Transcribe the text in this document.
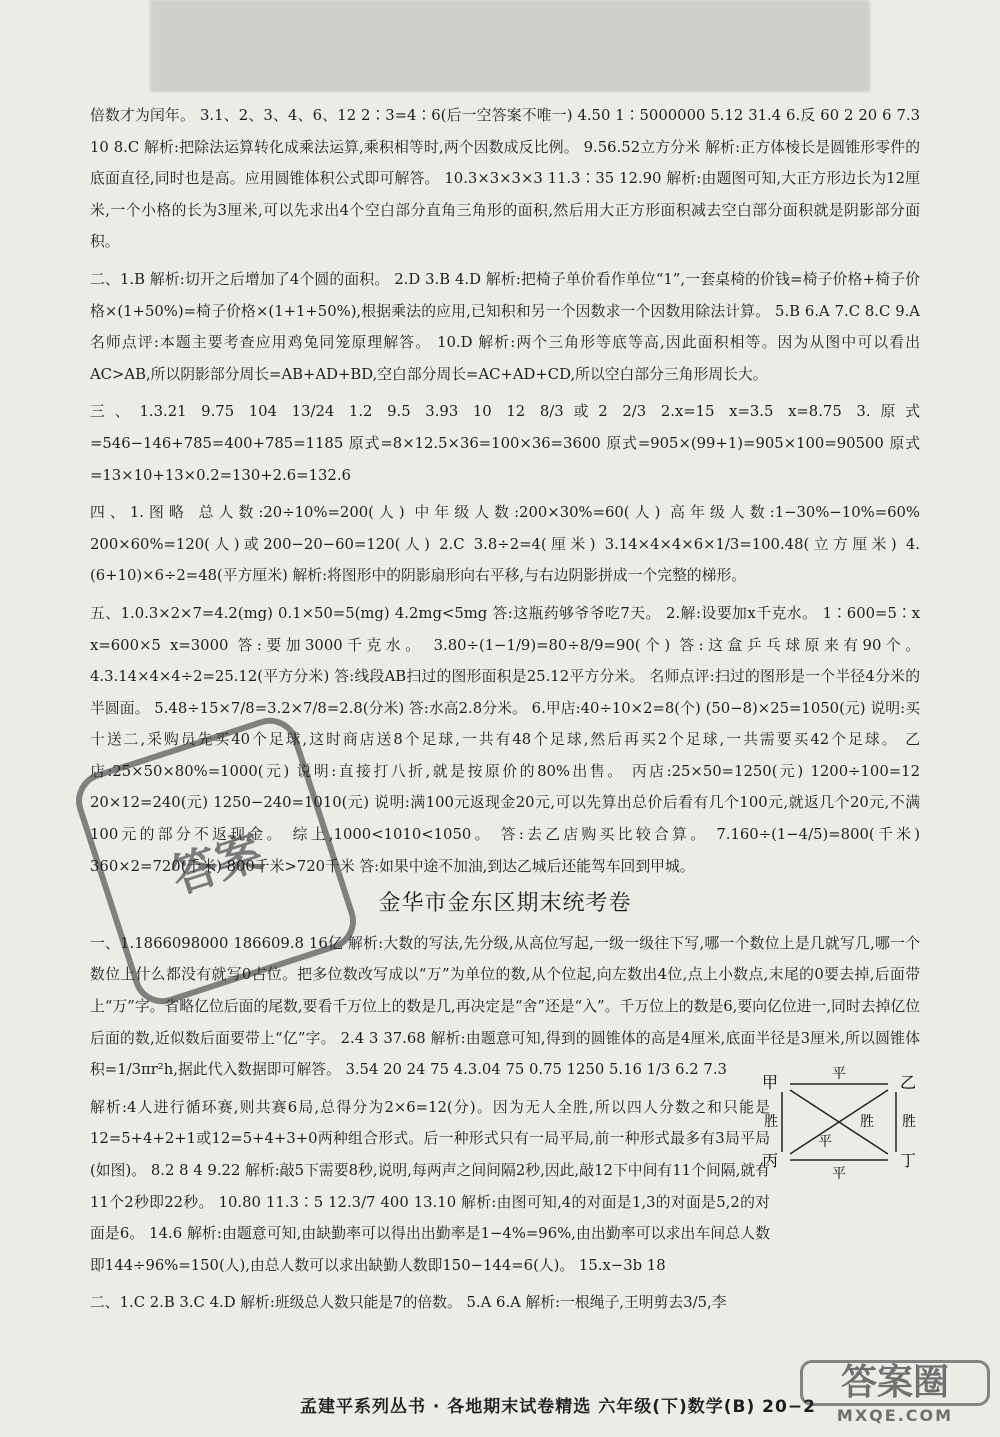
倍数才为闰年。 3.1、2、3、4、6、12 2∶3=4∶6(后一空答案不唯一) 4.50 1∶5000000 5.12 31.4 6.反 60 2 20 6 7.3 10 8.C 解析:把除法运算转化成乘法运算,乘积相等时,两个因数成反比例。 9.56.52立方分米 解析:正方体棱长是圆锥形零件的底面直径,同时也是高。应用圆锥体积公式即可解答。 10.3×3×3×3 11.3∶35 12.90 解析:由题图可知,大正方形边长为12厘米,一个小格的长为3厘米,可以先求出4个空白部分直角三角形的面积,然后用大正方形面积减去空白部分面积就是阴影部分面积。

二、1.B 解析:切开之后增加了4个圆的面积。 2.D 3.B 4.D 解析:把椅子单价看作单位“1”,一套桌椅的价钱=椅子价格+椅子价格×(1+50%)=椅子价格×(1+1+50%),根据乘法的应用,已知积和另一个因数求一个因数用除法计算。 5.B 6.A 7.C 8.C 9.A 名师点评:本题主要考查应用鸡兔同笼原理解答。 10.D 解析:两个三角形等底等高,因此面积相等。因为从图中可以看出AC>AB,所以阴影部分周长=AB+AD+BD,空白部分周长=AC+AD+CD,所以空白部分三角形周长大。

三、1.3.21 9.75 104 13/24 1.2 9.5 3.93 10 12 8/3或2 2/3 2.x=15 x=3.5 x=8.75 3.原式=546−146+785=400+785=1185 原式=8×12.5×36=100×36=3600 原式=905×(99+1)=905×100=90500 原式=13×10+13×0.2=130+2.6=132.6

四、1.图略 总人数:20÷10%=200(人) 中年级人数:200×30%=60(人) 高年级人数:1−30%−10%=60% 200×60%=120(人)或200−20−60=120(人) 2.C 3.8÷2=4(厘米) 3.14×4×4×6×1/3=100.48(立方厘米) 4.(6+10)×6÷2=48(平方厘米) 解析:将图形中的阴影扇形向右平移,与右边阴影拼成一个完整的梯形。

五、1.0.3×2×7=4.2(mg) 0.1×50=5(mg) 4.2mg<5mg 答:这瓶药够爷爷吃7天。 2.解:设要加x千克水。 1∶600=5∶x x=600×5 x=3000 答:要加3000千克水。 3.80÷(1−1/9)=80÷8/9=90(个) 答:这盒乒乓球原来有90个。 4.3.14×4×4÷2=25.12(平方分米) 答:线段AB扫过的图形面积是25.12平方分米。 名师点评:扫过的图形是一个半径4分米的半圆面。 5.48÷15×7/8=3.2×7/8=2.8(分米) 答:水高2.8分米。 6.甲店:40÷10×2=8(个) (50−8)×25=1050(元) 说明:买十送二,采购员先买40个足球,这时商店送8个足球,一共有48个足球,然后再买2个足球,一共需要买42个足球。 乙店:25×50×80%=1000(元) 说明:直接打八折,就是按原价的80%出售。 丙店:25×50=1250(元) 1200÷100=12 20×12=240(元) 1250−240=1010(元) 说明:满100元返现金20元,可以先算出总价后看有几个100元,就返几个20元,不满100元的部分不返现金。 综上,1000<1010<1050。 答:去乙店购买比较合算。 7.160÷(1−4/5)=800(千米) 360×2=720(千米) 800千米>720千米 答:如果中途不加油,到达乙城后还能驾车回到甲城。

金华市金东区期末统考卷

一、1.1866098000 186609.8 16亿 解析:大数的写法,先分级,从高位写起,一级一级往下写,哪一个数位上是几就写几,哪一个数位上什么都没有就写0占位。把多位数改写成以“万”为单位的数,从个位起,向左数出4位,点上小数点,末尾的0要去掉,后面带上“万”字。省略亿位后面的尾数,要看千万位上的数是几,再决定是“舍”还是“入”。千万位上的数是6,要向亿位进一,同时去掉亿位后面的数,近似数后面要带上“亿”字。 2.4 3 37.68 解析:由题意可知,得到的圆锥体的高是4厘米,底面半径是3厘米,所以圆锥体积=1/3πr²h,据此代入数据即可解答。 3.54 20 24 75 4.3.04 75 0.75 1250 5.16 1/3 6.2 7.3

解析:4人进行循环赛,则共赛6局,总得分为2×6=12(分)。因为无人全胜,所以四人分数之和只能是12=5+4+2+1或12=5+4+3+0两种组合形式。后一种形式只有一局平局,前一种形式最多有3局平局(如图)。 8.2 8 4 9.22 解析:敲5下需要8秒,说明,每两声之间间隔2秒,因此,敲12下中间有11个间隔,就有11个2秒即22秒。 10.80 11.3∶5 12.3/7 400 13.10 解析:由图可知,4的对面是1,3的对面是5,2的对面是6。 14.6 解析:由题意可知,由缺勤率可以得出出勤率是1−4%=96%,由出勤率可以求出车间总人数即144÷96%=150(人),由总人数可以求出缺勤人数即150−144=6(人)。 15.x−3b 18

二、1.C 2.B 3.C 4.D 解析:班级总人数只能是7的倍数。 5.A 6.A 解析:一根绳子,王明剪去3/5,李

甲	乙
丙	丁
平
胜	胜 胜
平
平
答案
孟建平系列丛书 · 各地期末试卷精选 六年级(下)数学(B) 20−2
答案圈
MXQE.COM
